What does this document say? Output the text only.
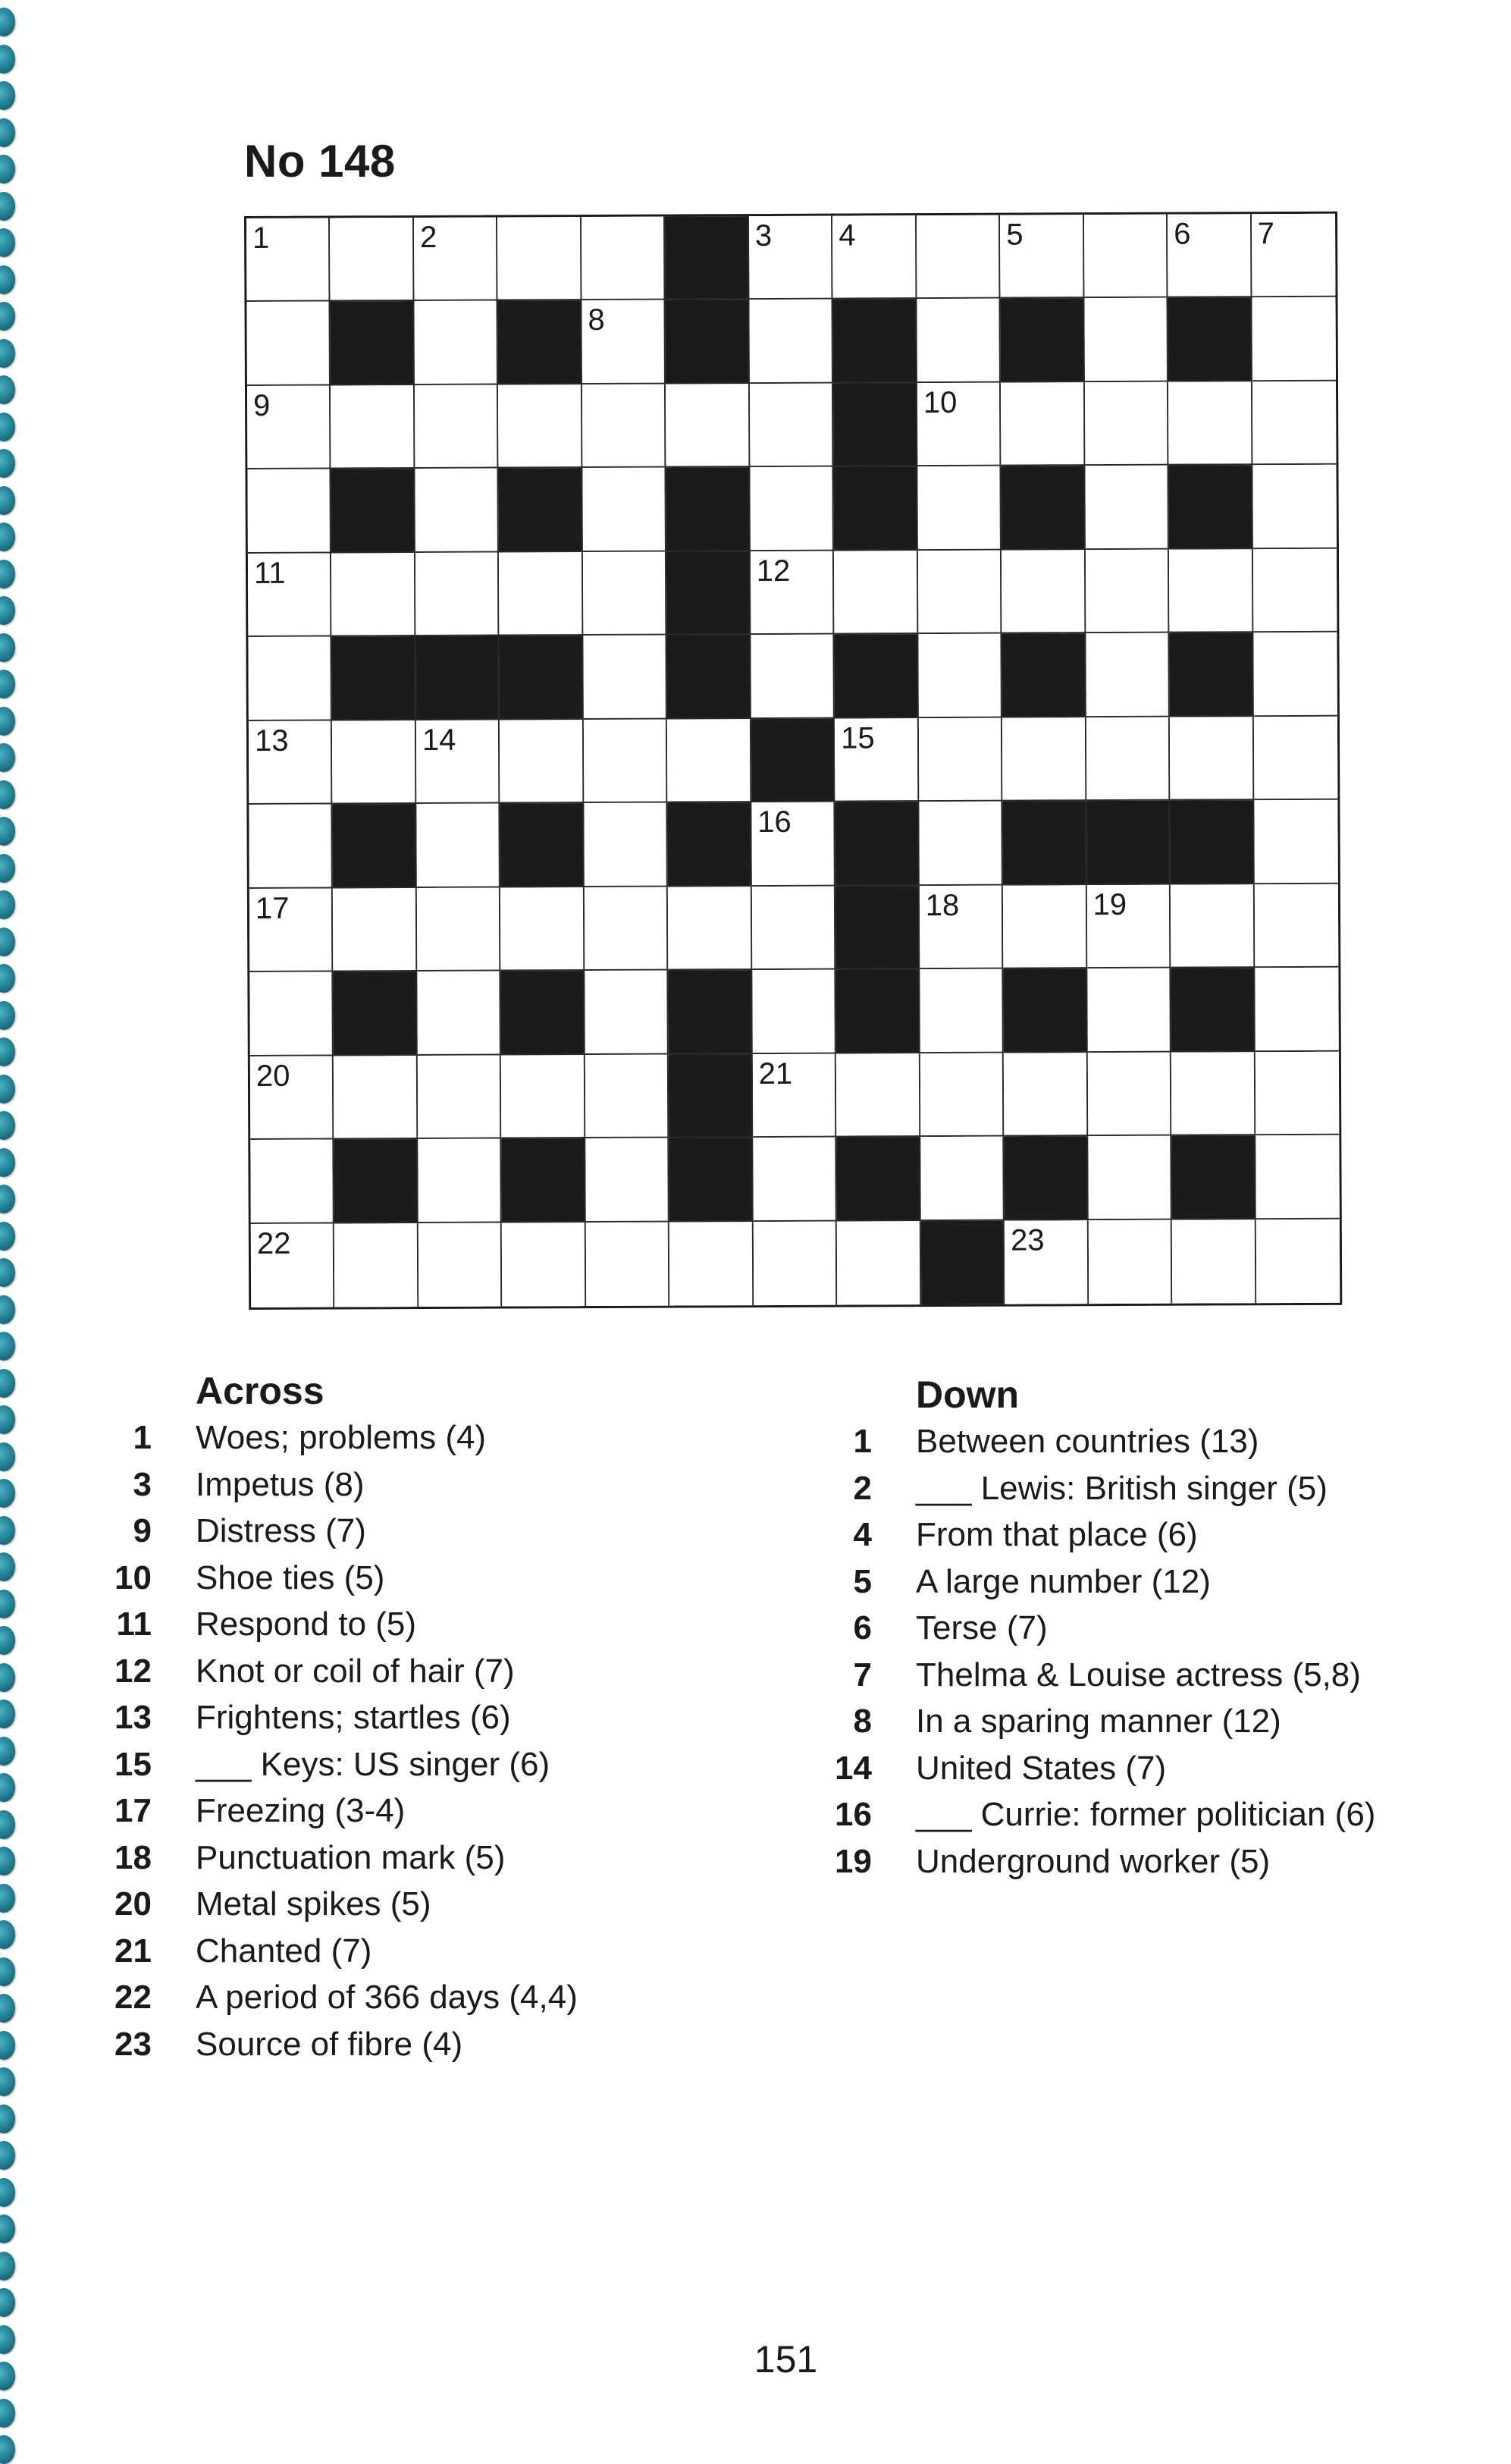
No 148
1	2	3 4	5	6 7
8
9	10
11	12
13	14	15
16
17	18	19
20	21
22	23
Across
1 Woes; problems (4)
3 Impetus (8)
9 Distress (7)
10 Shoe ties (5)
11 Respond to (5)
12 Knot or coil of hair (7)
13 Frightens; startles (6)
15 ___ Keys: US singer (6)
17 Freezing (3-4)
18 Punctuation mark (5)
20 Metal spikes (5)
21 Chanted (7)
22 A period of 366 days (4,4)
23 Source of fibre (4)
Down
1 Between countries (13)
2 ___ Lewis: British singer (5)
4 From that place (6)
5 A large number (12)
6 Terse (7)
7 Thelma & Louise actress (5,8)
8 In a sparing manner (12)
14 United States (7)
16 ___ Currie: former politician (6)
19 Underground worker (5)
151
